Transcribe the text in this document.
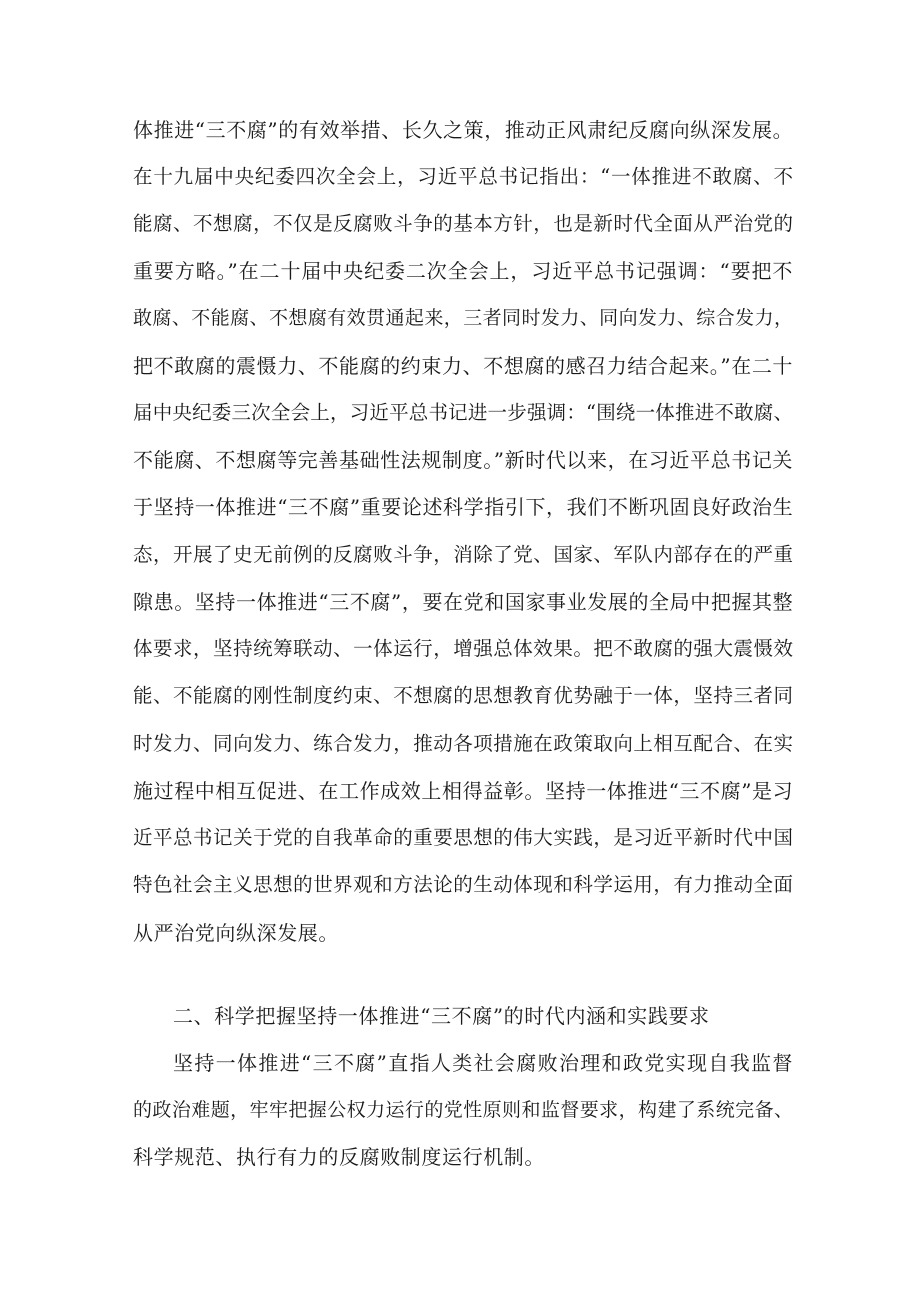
体推进“三不腐”的有效举措、长久之策，推动正风肃纪反腐向纵深发展。
在十九届中央纪委四次全会上，习近平总书记指出：“一体推进不敢腐、不
能腐、不想腐，不仅是反腐败斗争的基本方针，也是新时代全面从严治党的
重要方略。”在二十届中央纪委二次全会上，习近平总书记强调：“要把不
敢腐、不能腐、不想腐有效贯通起来，三者同时发力、同向发力、综合发力，
把不敢腐的震慑力、不能腐的约束力、不想腐的感召力结合起来。”在二十
届中央纪委三次全会上，习近平总书记进一步强调：“围绕一体推进不敢腐、
不能腐、不想腐等完善基础性法规制度。”新时代以来，在习近平总书记关
于坚持一体推进“三不腐”重要论述科学指引下，我们不断巩固良好政治生
态，开展了史无前例的反腐败斗争，消除了党、国家、军队内部存在的严重
隙患。坚持一体推进“三不腐”，要在党和国家事业发展的全局中把握其整
体要求，坚持统筹联动、一体运行，增强总体效果。把不敢腐的强大震慑效
能、不能腐的刚性制度约束、不想腐的思想教育优势融于一体，坚持三者同
时发力、同向发力、练合发力，推动各项措施在政策取向上相互配合、在实
施过程中相互促进、在工作成效上相得益彰。坚持一体推进“三不腐”是习
近平总书记关于党的自我革命的重要思想的伟大实践，是习近平新时代中国
特色社会主义思想的世界观和方法论的生动体现和科学运用，有力推动全面
从严治党向纵深发展。
二、科学把握坚持一体推进“三不腐”的时代内涵和实践要求
坚持一体推进“三不腐”直指人类社会腐败治理和政党实现自我监督
的政治难题，牢牢把握公权力运行的党性原则和监督要求，构建了系统完备、
科学规范、执行有力的反腐败制度运行机制。
